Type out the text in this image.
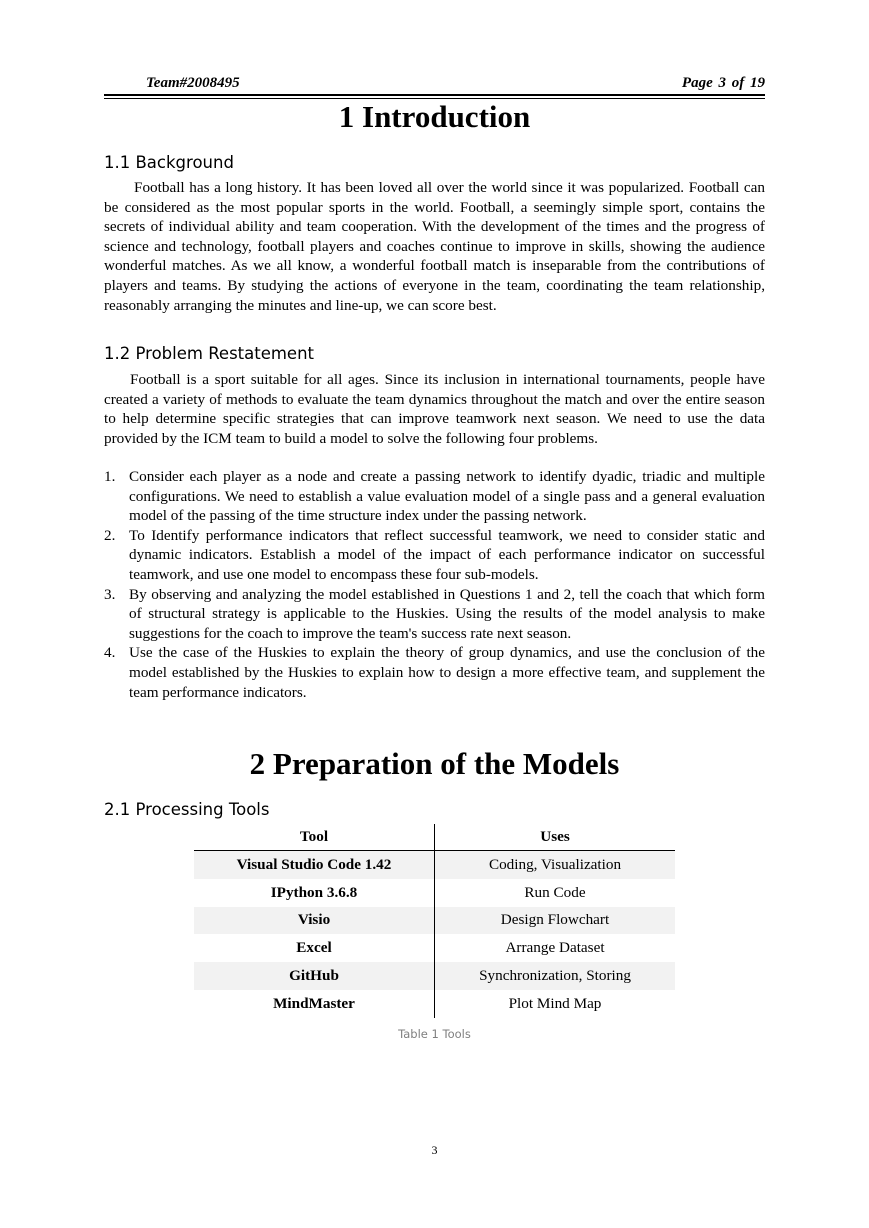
Team#2008495	Page 3 of 19
1 Introduction
1.1 Background

Football has a long history. It has been loved all over the world since it was popularized. Football can be considered as the most popular sports in the world. Football, a seemingly simple sport, contains the secrets of individual ability and team cooperation. With the development of the times and the progress of science and technology, football players and coaches continue to improve in skills, showing the audience wonderful matches. As we all know, a wonderful football match is inseparable from the contributions of players and teams. By studying the actions of everyone in the team, coordinating the team relationship, reasonably arranging the minutes and line-up, we can score best.

1.2 Problem Restatement

Football is a sport suitable for all ages. Since its inclusion in international tournaments, people have created a variety of methods to evaluate the team dynamics throughout the match and over the entire season to help determine specific strategies that can improve teamwork next season. We need to use the data provided by the ICM team to build a model to solve the following four problems.

1. Consider each player as a node and create a passing network to identify dyadic, triadic and multiple configurations. We need to establish a value evaluation model of a single pass and a general evaluation model of the passing of the time structure index under the passing network.
2. To Identify performance indicators that reflect successful teamwork, we need to consider static and dynamic indicators. Establish a model of the impact of each performance indicator on successful teamwork, and use one model to encompass these four sub-models.
3. By observing and analyzing the model established in Questions 1 and 2, tell the coach that which form of structural strategy is applicable to the Huskies. Using the results of the model analysis to make suggestions for the coach to improve the team's success rate next season.
4. Use the case of the Huskies to explain the theory of group dynamics, and use the conclusion of the model established by the Huskies to explain how to design a more effective team, and supplement the team performance indicators.
2 Preparation of the Models
2.1 Processing Tools
Tool	Uses
Visual Studio Code 1.42	Coding, Visualization
IPython 3.6.8	Run Code
Visio	Design Flowchart
Excel	Arrange Dataset
GitHub	Synchronization, Storing
MindMaster	Plot Mind Map
Table 1 Tools
3
